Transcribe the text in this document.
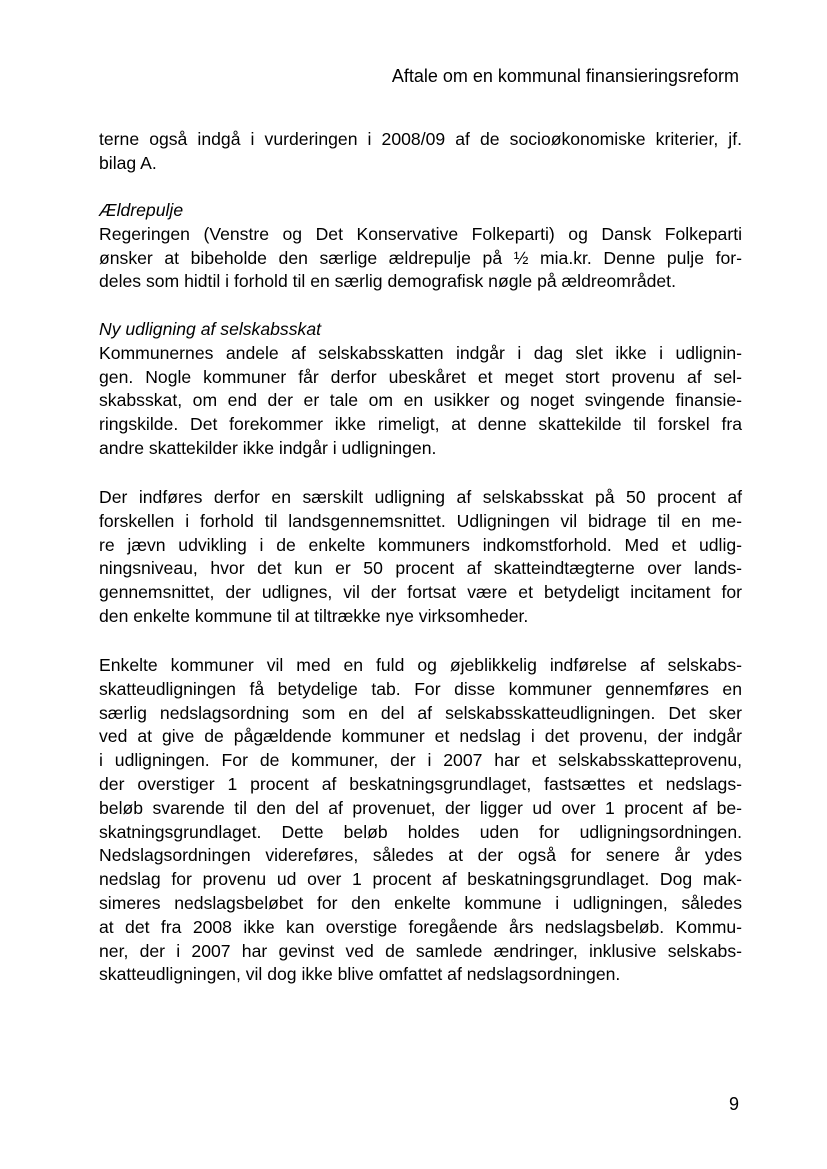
Aftale om en kommunal finansieringsreform
terne også indgå i vurderingen i 2008/09 af de socioøkonomiske kriterier, jf.
bilag A.
Ældrepulje
Regeringen (Venstre og Det Konservative Folkeparti) og Dansk Folkeparti
ønsker at bibeholde den særlige ældrepulje på ½ mia.kr. Denne pulje for-
deles som hidtil i forhold til en særlig demografisk nøgle på ældreområdet.
Ny udligning af selskabsskat
Kommunernes andele af selskabsskatten indgår i dag slet ikke i udlignin-
gen. Nogle kommuner får derfor ubeskåret et meget stort provenu af sel-
skabsskat, om end der er tale om en usikker og noget svingende finansie-
ringskilde. Det forekommer ikke rimeligt, at denne skattekilde til forskel fra
andre skattekilder ikke indgår i udligningen.
Der indføres derfor en særskilt udligning af selskabsskat på 50 procent af
forskellen i forhold til landsgennemsnittet. Udligningen vil bidrage til en me-
re jævn udvikling i de enkelte kommuners indkomstforhold. Med et udlig-
ningsniveau, hvor det kun er 50 procent af skatteindtægterne over lands-
gennemsnittet, der udlignes, vil der fortsat være et betydeligt incitament for
den enkelte kommune til at tiltrække nye virksomheder.
Enkelte kommuner vil med en fuld og øjeblikkelig indførelse af selskabs-
skatteudligningen få betydelige tab. For disse kommuner gennemføres en
særlig nedslagsordning som en del af selskabsskatteudligningen. Det sker
ved at give de pågældende kommuner et nedslag i det provenu, der indgår
i udligningen. For de kommuner, der i 2007 har et selskabsskatteprovenu,
der overstiger 1 procent af beskatningsgrundlaget, fastsættes et nedslags-
beløb svarende til den del af provenuet, der ligger ud over 1 procent af be-
skatningsgrundlaget. Dette beløb holdes uden for udligningsordningen.
Nedslagsordningen videreføres, således at der også for senere år ydes
nedslag for provenu ud over 1 procent af beskatningsgrundlaget. Dog mak-
simeres nedslagsbeløbet for den enkelte kommune i udligningen, således
at det fra 2008 ikke kan overstige foregående års nedslagsbeløb. Kommu-
ner, der i 2007 har gevinst ved de samlede ændringer, inklusive selskabs-
skatteudligningen, vil dog ikke blive omfattet af nedslagsordningen.
9
